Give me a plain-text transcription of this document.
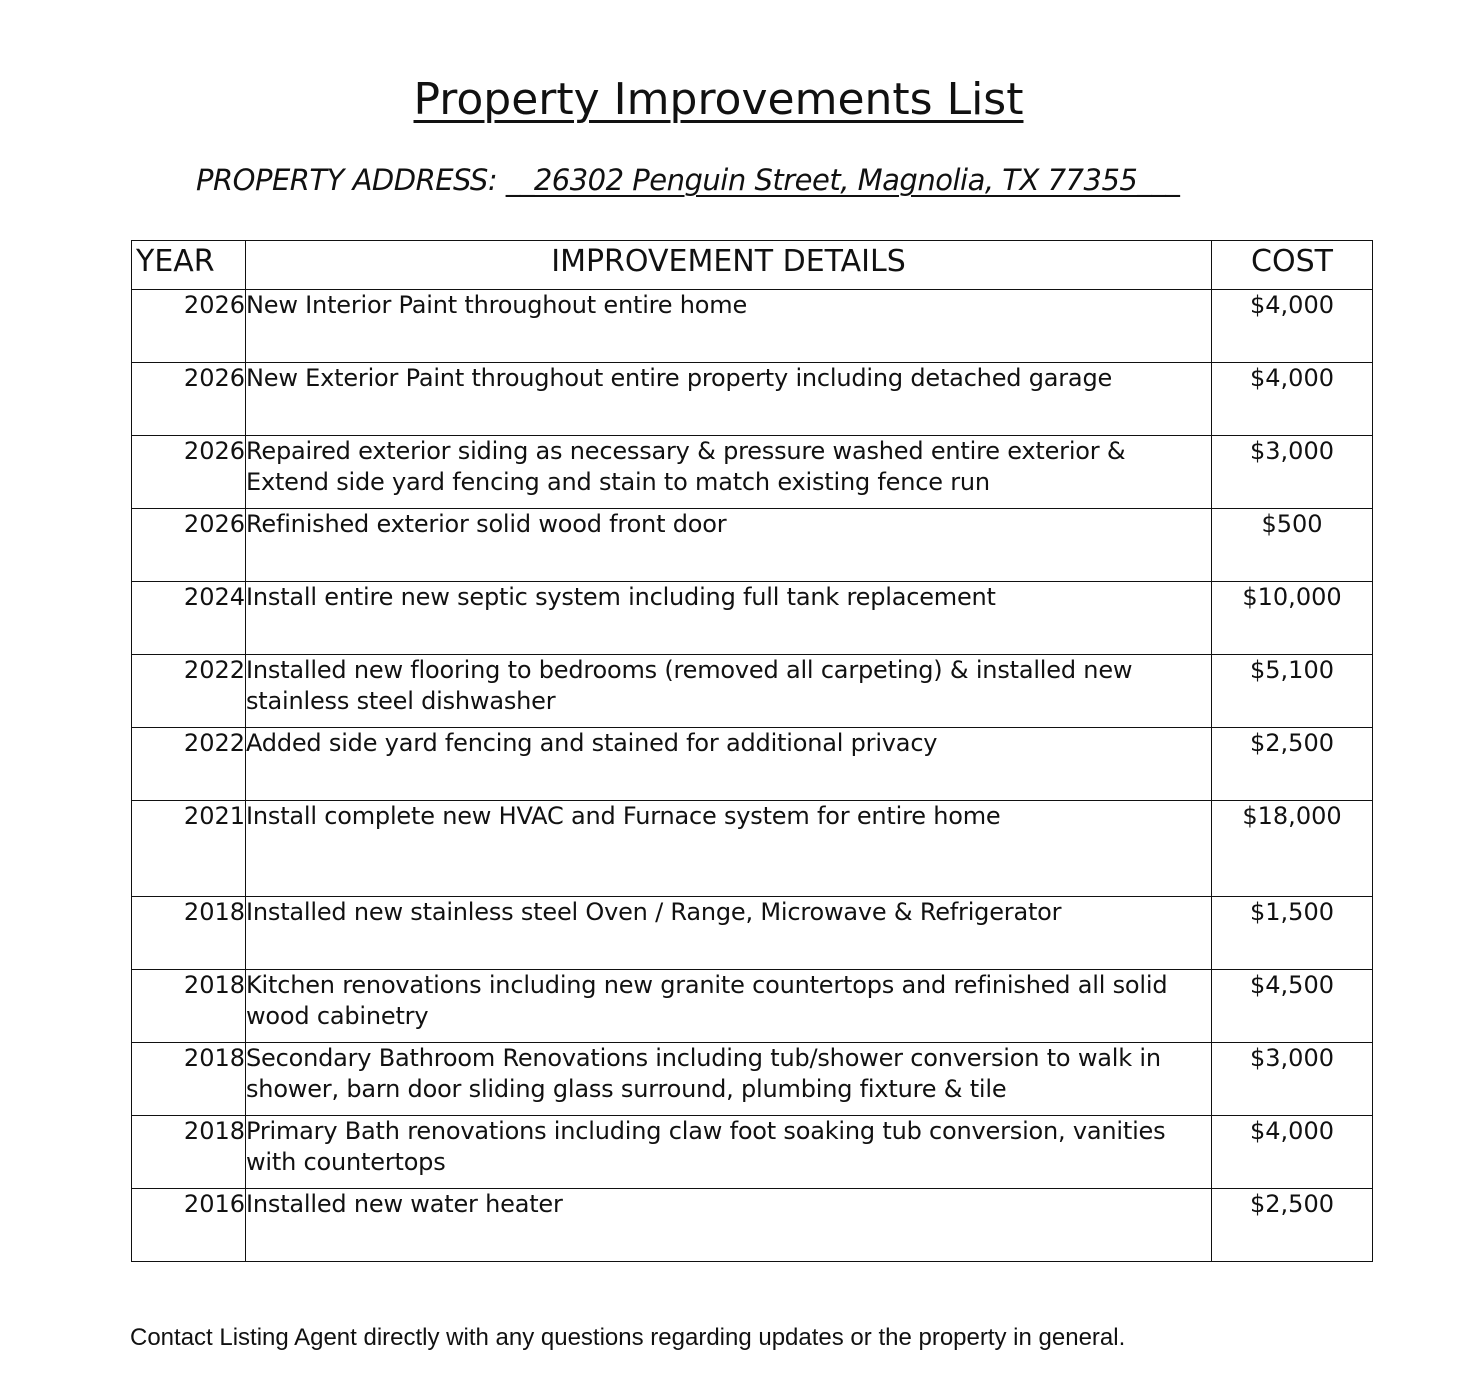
Property Improvements List
PROPERTY ADDRESS: __26302 Penguin Street, Magnolia, TX 77355___
YEAR	IMPROVEMENT DETAILS	COST
2026	New Interior Paint throughout entire home	$4,000
2026	New Exterior Paint throughout entire property including detached garage	$4,000
2026	Repaired exterior siding as necessary & pressure washed entire exterior & Extend side yard fencing and stain to match existing fence run	$3,000
2026	Refinished exterior solid wood front door	$500
2024	Install entire new septic system including full tank replacement	$10,000
2022	Installed new flooring to bedrooms (removed all carpeting) & installed new stainless steel dishwasher	$5,100
2022	Added side yard fencing and stained for additional privacy	$2,500
2021	Install complete new HVAC and Furnace system for entire home	$18,000
2018	Installed new stainless steel Oven / Range, Microwave & Refrigerator	$1,500
2018	Kitchen renovations including new granite countertops and refinished all solid wood cabinetry	$4,500
2018	Secondary Bathroom Renovations including tub/shower conversion to walk in shower, barn door sliding glass surround, plumbing fixture & tile	$3,000
2018	Primary Bath renovations including claw foot soaking tub conversion, vanities with countertops	$4,000
2016	Installed new water heater	$2,500
Contact Listing Agent directly with any questions regarding updates or the property in general.
